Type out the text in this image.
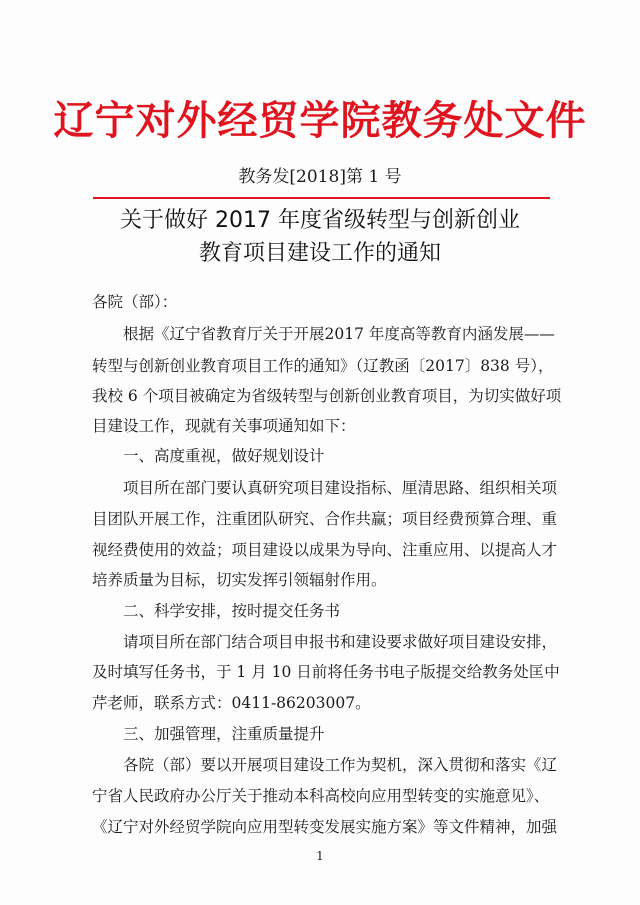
辽宁对外经贸学院教务处文件
教务发[2018]第 1 号
关于做好 2017 年度省级转型与创新创业
教育项目建设工作的通知
各院（部）：
根据《辽宁省教育厅关于开展2017 年度高等教育内涵发展——
转型与创新创业教育项目工作的通知》（辽教函〔2017〕838 号），
我校 6 个项目被确定为省级转型与创新创业教育项目，为切实做好项
目建设工作，现就有关事项通知如下：
一、高度重视，做好规划设计
项目所在部门要认真研究项目建设指标、厘清思路、组织相关项
目团队开展工作，注重团队研究、合作共赢；项目经费预算合理、重
视经费使用的效益；项目建设以成果为导向、注重应用、以提高人才
培养质量为目标，切实发挥引领辐射作用。
二、科学安排，按时提交任务书
请项目所在部门结合项目申报书和建设要求做好项目建设安排，
及时填写任务书，于 1 月 10 日前将任务书电子版提交给教务处匡中
芹老师，联系方式：0411-86203007。
三、加强管理，注重质量提升
各院（部）要以开展项目建设工作为契机，深入贯彻和落实《辽
宁省人民政府办公厅关于推动本科高校向应用型转变的实施意见》、
《辽宁对外经贸学院向应用型转变发展实施方案》等文件精神，加强
1
